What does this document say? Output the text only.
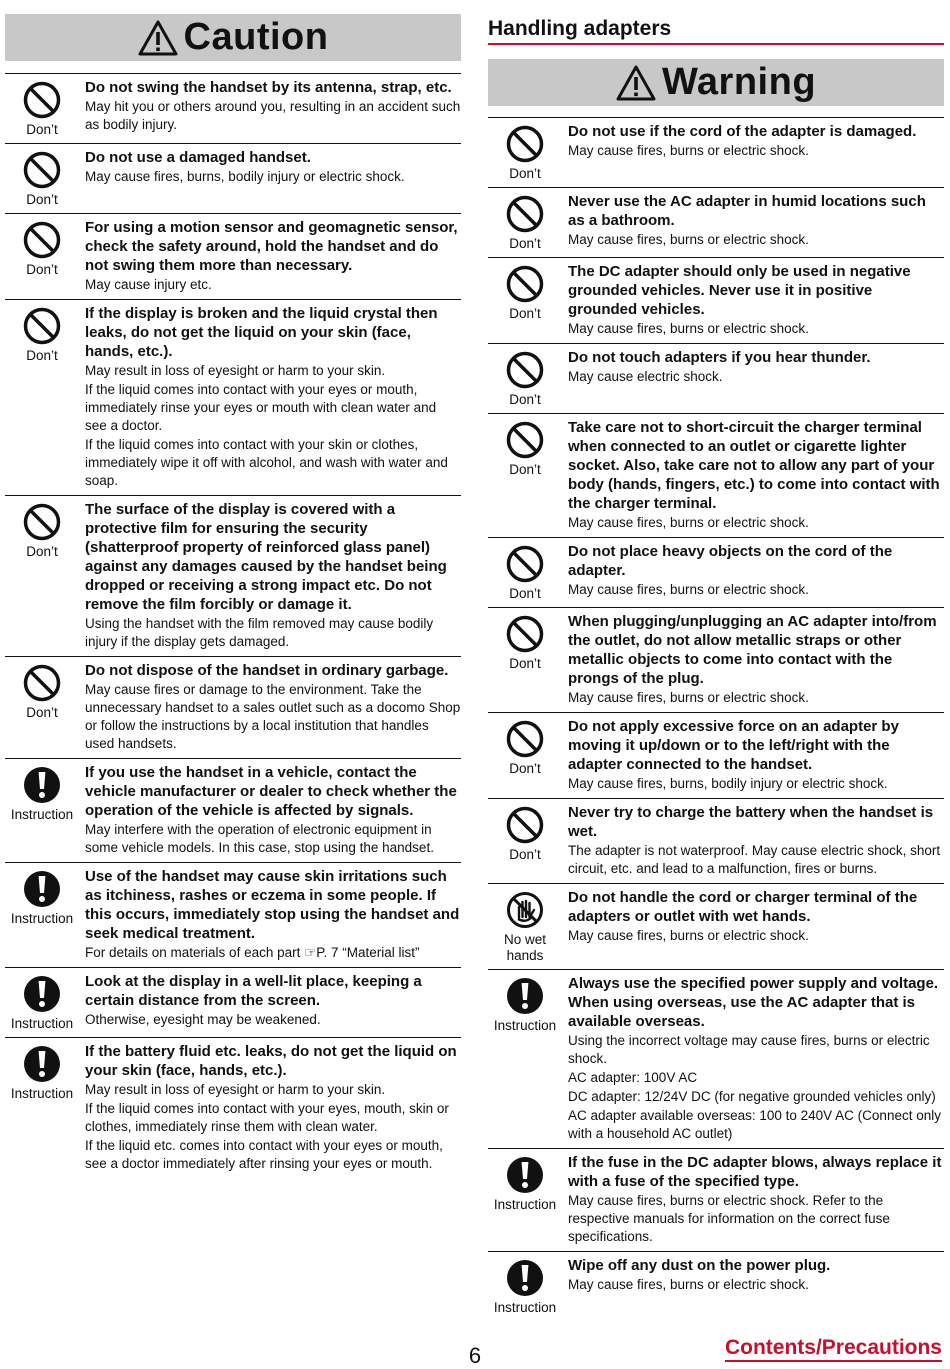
Caution
Don’t
Do not swing the handset by its antenna, strap, etc.
May hit you or others around you, resulting in an accident such as bodily injury.
Don’t
Do not use a damaged handset.
May cause fires, burns, bodily injury or electric shock.
Don’t
For using a motion sensor and geomagnetic sensor, check the safety around, hold the handset and do not swing them more than necessary.
May cause injury etc.
Don’t
If the display is broken and the liquid crystal then leaks, do not get the liquid on your skin (face, hands, etc.).
May result in loss of eyesight or harm to your skin.
If the liquid comes into contact with your eyes or mouth, immediately rinse your eyes or mouth with clean water and see a doctor.
If the liquid comes into contact with your skin or clothes, immediately wipe it off with alcohol, and wash with water and soap.
Don’t
The surface of the display is covered with a protective film for ensuring the security (shatterproof property of reinforced glass panel) against any damages caused by the handset being dropped or receiving a strong impact etc. Do not remove the film forcibly or damage it.
Using the handset with the film removed may cause bodily injury if the display gets damaged.
Don’t
Do not dispose of the handset in ordinary garbage.
May cause fires or damage to the environment. Take the unnecessary handset to a sales outlet such as a docomo Shop or follow the instructions by a local institution that handles used handsets.
Instruction
If you use the handset in a vehicle, contact the vehicle manufacturer or dealer to check whether the operation of the vehicle is affected by signals.
May interfere with the operation of electronic equipment in some vehicle models. In this case, stop using the handset.
Instruction
Use of the handset may cause skin irritations such as itchiness, rashes or eczema in some people. If this occurs, immediately stop using the handset and seek medical treatment.
For details on materials of each part ☞P. 7 “Material list”
Instruction
Look at the display in a well-lit place, keeping a certain distance from the screen.
Otherwise, eyesight may be weakened.
Instruction
If the battery fluid etc. leaks, do not get the liquid on your skin (face, hands, etc.).
May result in loss of eyesight or harm to your skin.
If the liquid comes into contact with your eyes, mouth, skin or clothes, immediately rinse them with clean water.
If the liquid etc. comes into contact with your eyes or mouth, see a doctor immediately after rinsing your eyes or mouth.
Handling adapters
Warning
Don’t
Do not use if the cord of the adapter is damaged.
May cause fires, burns or electric shock.
Don’t
Never use the AC adapter in humid locations such as a bathroom.
May cause fires, burns or electric shock.
Don’t
The DC adapter should only be used in negative grounded vehicles. Never use it in positive grounded vehicles.
May cause fires, burns or electric shock.
Don’t
Do not touch adapters if you hear thunder.
May cause electric shock.
Don’t
Take care not to short-circuit the charger terminal when connected to an outlet or cigarette lighter socket. Also, take care not to allow any part of your body (hands, fingers, etc.) to come into contact with the charger terminal.
May cause fires, burns or electric shock.
Don’t
Do not place heavy objects on the cord of the adapter.
May cause fires, burns or electric shock.
Don’t
When plugging/unplugging an AC adapter into/from the outlet, do not allow metallic straps or other metallic objects to come into contact with the prongs of the plug.
May cause fires, burns or electric shock.
Don’t
Do not apply excessive force on an adapter by moving it up/down or to the left/right with the adapter connected to the handset.
May cause fires, burns, bodily injury or electric shock.
Don’t
Never try to charge the battery when the handset is wet.
The adapter is not waterproof. May cause electric shock, short circuit, etc. and lead to a malfunction, fires or burns.
No wet hands
Do not handle the cord or charger terminal of the adapters or outlet with wet hands.
May cause fires, burns or electric shock.
Instruction
Always use the specified power supply and voltage.
When using overseas, use the AC adapter that is available overseas.
Using the incorrect voltage may cause fires, burns or electric shock.
AC adapter: 100V AC
DC adapter: 12/24V DC (for negative grounded vehicles only)
AC adapter available overseas: 100 to 240V AC (Connect only with a household AC outlet)
Instruction
If the fuse in the DC adapter blows, always replace it with a fuse of the specified type.
May cause fires, burns or electric shock. Refer to the respective manuals for information on the correct fuse specifications.
Instruction
Wipe off any dust on the power plug.
May cause fires, burns or electric shock.
6	Contents/Precautions
